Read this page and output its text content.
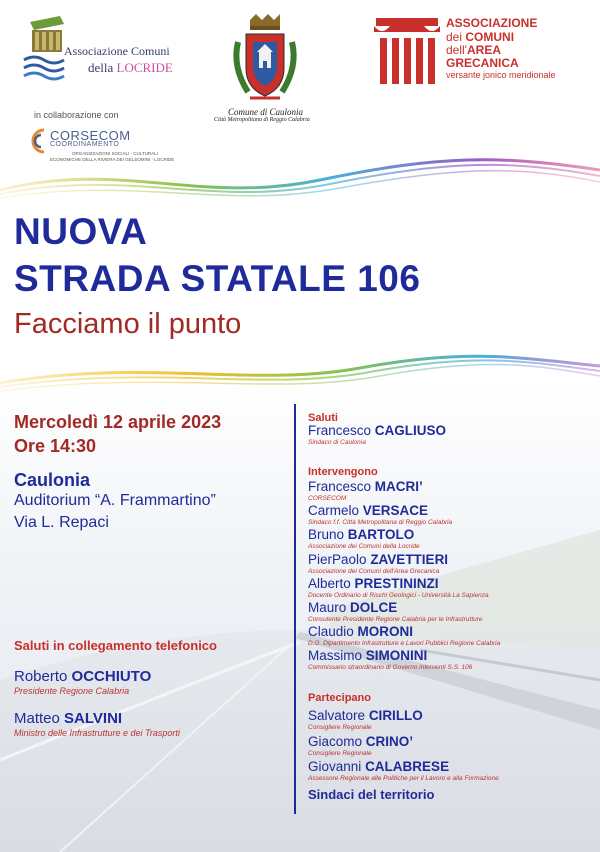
Associazione Comuni
della LOCRIDE
in collaborazione con
CORSECOM
COORDINAMENTO
ORGANIZZAZIONI SOCIALI - CULTURALI
ECONOMICHE DELLA RIVIERA DEI GELSOMINI - LOCRIDE
Comune di Caulonia
Città Metropolitana di Reggio Calabria
ASSOCIAZIONE
dei COMUNI
dell'AREA
GRECANICA
versante jonico meridionale
NUOVA
STRADA STATALE 106
Facciamo il punto
Mercoledì 12 aprile 2023
Ore 14:30
Caulonia
Auditorium “A. Frammartino”
Via L. Repaci
Saluti in collegamento telefonico
Roberto OCCHIUTO
Presidente Regione Calabria
Matteo SALVINI
Ministro delle Infrastrutture e dei Trasporti
Saluti
Francesco CAGLIUSO
Sindaco di Caulonia
Intervengono
Francesco MACRI’
CORSECOM
Carmelo VERSACE
Sindaco f.f. Città Metropolitana di Reggio Calabria
Bruno BARTOLO
Associazione dei Comuni della Locride
PierPaolo ZAVETTIERI
Associazione dei Comuni dell'Area Grecanica
Alberto PRESTININZI
Docente Ordinario di Rischi Geologici - Università La Sapienza
Mauro DOLCE
Consulente Presidente Regione Calabria per le Infrastrutture
Claudio MORONI
D.G. Dipartimento Infrastrutture e Lavori Pubblici Regione Calabria
Massimo SIMONINI
Commissario straordinario di Governo interventi S.S. 106
Partecipano
Salvatore CIRILLO
Consigliere Regionale
Giacomo CRINO’
Consigliere Regionale
Giovanni CALABRESE
Assessore Regionale alle Politiche per il Lavoro e alla Formazione
Sindaci del territorio
